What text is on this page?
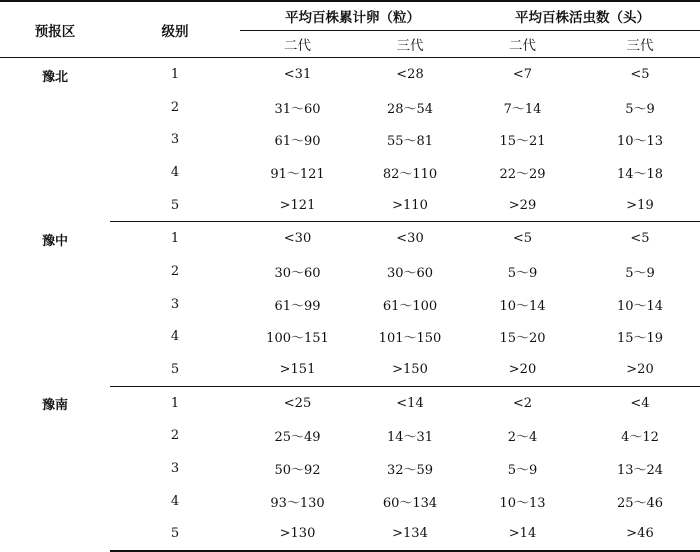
预报区	级别	平均百株累计卵（粒）		平均百株活虫数（头）	
		二代	三代	二代	三代
豫北	1	<31	<28	<7	<5
	2	31～60	28～54	7～14	5～9
	3	61～90	55～81	15～21	10～13
	4	91～121	82～110	22～29	14～18
	5	>121	>110	>29	>19
豫中	1	<30	<30	<5	<5
	2	30～60	30～60	5～9	5～9
	3	61～99	61～100	10～14	10～14
	4	100～151	101～150	15～20	15～19
	5	>151	>150	>20	>20
豫南	1	<25	<14	<2	<4
	2	25～49	14～31	2～4	4～12
	3	50～92	32～59	5～9	13～24
	4	93～130	60～134	10～13	25～46
	5	>130	>134	>14	>46
